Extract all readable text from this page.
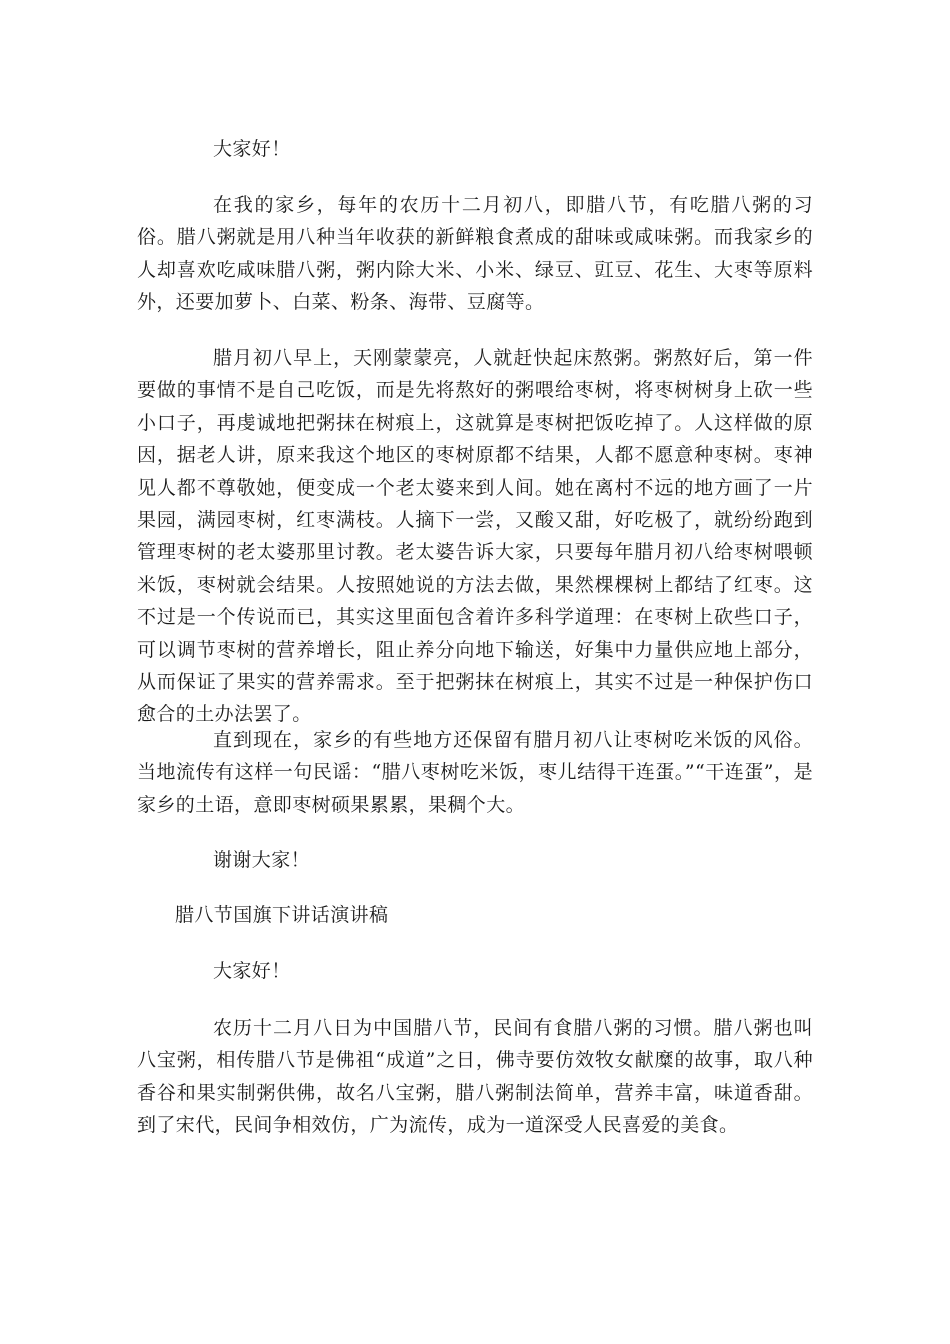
大家好！

在我的家乡，每年的农历十二月初八，即腊八节，有吃腊八粥的习俗。腊八粥就是用八种当年收获的新鲜粮食煮成的甜味或咸味粥。而我家乡的人却喜欢吃咸味腊八粥，粥内除大米、小米、绿豆、豇豆、花生、大枣等原料外，还要加萝卜、白菜、粉条、海带、豆腐等。

腊月初八早上，天刚蒙蒙亮，人就赶快起床熬粥。粥熬好后，第一件要做的事情不是自己吃饭，而是先将熬好的粥喂给枣树，将枣树树身上砍一些小口子，再虔诚地把粥抹在树痕上，这就算是枣树把饭吃掉了。人这样做的原因，据老人讲，原来我这个地区的枣树原都不结果，人都不愿意种枣树。枣神见人都不尊敬她，便变成一个老太婆来到人间。她在离村不远的地方画了一片果园，满园枣树，红枣满枝。人摘下一尝，又酸又甜，好吃极了，就纷纷跑到管理枣树的老太婆那里讨教。老太婆告诉大家，只要每年腊月初八给枣树喂顿米饭，枣树就会结果。人按照她说的方法去做，果然棵棵树上都结了红枣。这不过是一个传说而已，其实这里面包含着许多科学道理：在枣树上砍些口子，可以调节枣树的营养增长，阻止养分向地下输送，好集中力量供应地上部分，从而保证了果实的营养需求。至于把粥抹在树痕上，其实不过是一种保护伤口愈合的土办法罢了。

直到现在，家乡的有些地方还保留有腊月初八让枣树吃米饭的风俗。当地流传有这样一句民谣：“腊八枣树吃米饭，枣儿结得干连蛋。”“干连蛋”，是家乡的土语，意即枣树硕果累累，果稠个大。

谢谢大家！

腊八节国旗下讲话演讲稿

大家好！

农历十二月八日为中国腊八节，民间有食腊八粥的习惯。腊八粥也叫八宝粥，相传腊八节是佛祖“成道”之日，佛寺要仿效牧女献糜的故事，取八种香谷和果实制粥供佛，故名八宝粥，腊八粥制法简单，营养丰富，味道香甜。到了宋代，民间争相效仿，广为流传，成为一道深受人民喜爱的美食。
